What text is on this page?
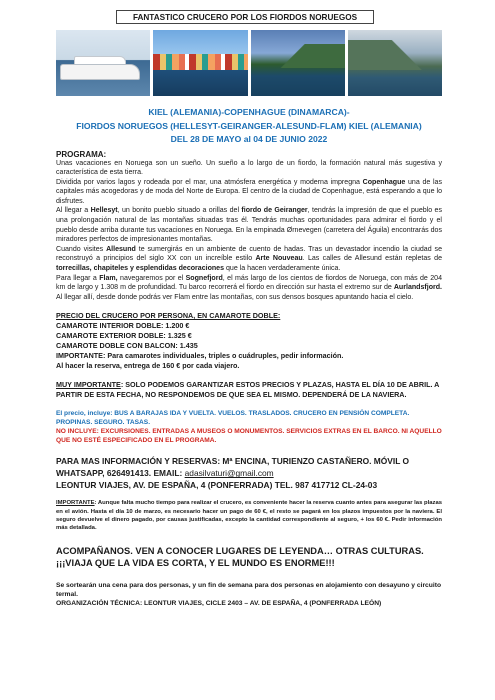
FANTASTICO CRUCERO POR LOS FIORDOS NORUEGOS
KIEL (ALEMANIA)-COPENHAGUE (DINAMARCA)-
FIORDOS NORUEGOS (HELLESYT-GEIRANGER-ALESUND-FLAM) KIEL (ALEMANIA)
DEL 28 DE MAYO al 04 DE JUNIO 2022
PROGRAMA:
Unas vacaciones en Noruega son un sueño. Un sueño a lo largo de un fiordo, la formación natural más sugestiva y característica de esta tierra.
Dividida por varios lagos y rodeada por el mar, una atmósfera energética y moderna impregna Copenhague una de las capitales más acogedoras y de moda del Norte de Europa. El centro de la ciudad de Copenhague, está esperando a que lo disfrutes.
Al llegar a Hellesyt, un bonito pueblo situado a orillas del fiordo de Geiranger, tendrás la impresión de que el pueblo es una prolongación natural de las montañas situadas tras él. Tendrás muchas oportunidades para admirar el fiordo y el pueblo desde arriba durante tus vacaciones en Noruega. En la empinada Ørnevegen (carretera del Águila) encontrarás dos miradores perfectos de impresionantes montañas.
Cuando visites Allesund te sumergirás en un ambiente de cuento de hadas. Tras un devastador incendio la ciudad se reconstruyó a principios del siglo XX con un increíble estilo Arte Nouveau. Las calles de Allesund están repletas de torrecillas, chapiteles y esplendidas decoraciones que la hacen verdaderamente única.
Para llegar a Flam, navegaremos por el Sognefjord, el más largo de los cientos de fiordos de Noruega, con más de 204 km de largo y 1.308 m de profundidad. Tu barco recorrerá el fiordo en dirección sur hasta el extremo sur de Aurlandsfjord. Al llegar allí, desde donde podrás ver Flam entre las montañas, con sus densos bosques apuntando hacia el cielo.
PRECIO DEL CRUCERO POR PERSONA, EN CAMAROTE DOBLE:
CAMAROTE INTERIOR DOBLE: 1.200 €
CAMAROTE EXTERIOR DOBLE: 1.325 €
CAMAROTE DOBLE CON BALCON: 1.435
IMPORTANTE: Para camarotes individuales, triples o cuádruples, pedir información.
Al hacer la reserva, entrega de 160 € por cada viajero.
MUY IMPORTANTE: SOLO PODEMOS GARANTIZAR ESTOS PRECIOS Y PLAZAS, HASTA EL DÍA 10 DE ABRIL. A PARTIR DE ESTA FECHA, NO RESPONDEMOS DE QUE SEA EL MISMO. DEPENDERÁ DE LA NAVIERA.
El precio, incluye: BUS A BARAJAS IDA Y VUELTA. VUELOS. TRASLADOS. CRUCERO EN PENSIÓN COMPLETA. PROPINAS. SEGURO. TASAS.
NO INCLUYE: EXCURSIONES. ENTRADAS A MUSEOS O MONUMENTOS. SERVICIOS EXTRAS EN EL BARCO. NI AQUELLO QUE NO ESTÉ ESPECIFICADO EN EL PROGRAMA.
PARA MAS INFORMACIÓN Y RESERVAS: Mª ENCINA, TURIENZO CASTAÑERO. MÓVIL O WHATSAPP, 626491413. EMAIL: adasilvaturi@gmail.com
LEONTUR VIAJES, AV. DE ESPAÑA, 4 (PONFERRADA) TEL. 987 417712 CL-24-03
IMPORTANTE: Aunque falta mucho tiempo para realizar el crucero, es conveniente hacer la reserva cuanto antes para asegurar las plazas en el avión. Hasta el día 10 de marzo, es necesario hacer un pago de 60 €, el resto se pagará en los plazos impuestos por la naviera. El seguro devuelve el dinero pagado, por causas justificadas, excepto la cantidad correspondiente al seguro, + los 60 €. Pedir información más detallada.
ACOMPAÑANOS. VEN A CONOCER LUGARES DE LEYENDA… OTRAS CULTURAS.
¡¡¡VIAJA QUE LA VIDA ES CORTA, Y EL MUNDO ES ENORME!!!
Se sortearán una cena para dos personas, y un fin de semana para dos personas en alojamiento con desayuno y circuito termal.
ORGANIZACIÓN TÉCNICA: LEONTUR VIAJES, CICLE 2403 – AV. DE ESPAÑA, 4 (PONFERRADA LEÓN)
